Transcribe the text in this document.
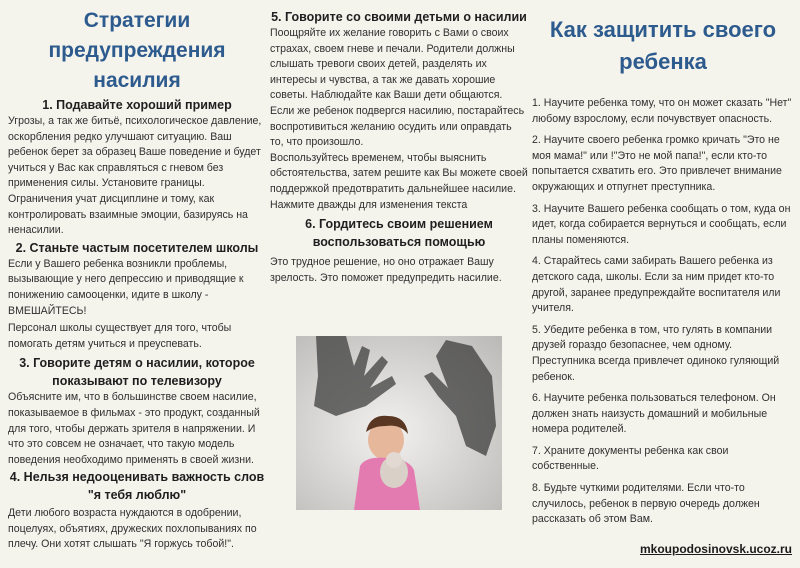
Стратегии предупреждения насилия
1. Подавайте хороший пример

Угрозы, а так же битьё, психологическое давление, оскорбления редко улучшают ситуацию. Ваш ребенок берет за образец Ваше поведение и будет учиться у Вас как справляться с гневом без применения силы. Установите границы. Ограничения учат дисциплине и тому, как контролировать взаимные эмоции, базируясь на ненасилии.

2. Станьте частым посетителем школы

Если у Вашего ребенка возникли проблемы, вызывающие у него депрессию и приводящие к понижению самооценки, идите в школу - ВМЕШАЙТЕСЬ!

Персонал школы существует для того, чтобы помогать детям учиться и преуспевать.

3. Говорите детям о насилии, которое показывают по телевизору

Объясните им, что в большинстве своем насилие, показываемое в фильмах - это продукт, созданный для того, чтобы держать зрителя в напряжении. И что это совсем не означает, что такую модель поведения необходимо применять в своей жизни.

4. Нельзя недооценивать важность слов "я тебя люблю"

Дети любого возраста нуждаются в одобрении, поцелуях, объятиях, дружеских похлопываниях по плечу. Они хотят слышать "Я горжусь тобой!".

5. Говорите со своими детьми о насилии

Поощряйте их желание говорить с Вами о своих страхах, своем гневе и печали. Родители должны слышать тревоги своих детей, разделять их интересы и чувства, а так же давать хорошие советы. Наблюдайте как Ваши дети общаются. Если же ребенок подвергся насилию, постарайтесь воспротивиться желанию осудить или оправдать то, что произошло.

Воспользуйтесь временем, чтобы выяснить обстоятельства, затем решите как Вы можете своей поддержкой предотвратить дальнейшее насилие.

Нажмите дважды для изменения текста

6. Гордитесь своим решением воспользоваться помощью

Это трудное решение, но оно отражает Вашу зрелость. Это поможет предупредить насилие.

Как защитить своего ребенка

1. Научите ребенка тому, что он может сказать "Нет" любому взрослому, если почувствует опасность.

2. Научите своего ребенка громко кричать "Это не моя мама!" или !"Это не мой папа!", если кто-то попытается схватить его. Это привлечет внимание окружающих и отпугнет преступника.

3. Научите Вашего ребенка сообщать о том, куда он идет, когда собирается вернуться и сообщать, если планы поменяются.

4. Старайтесь сами забирать Вашего ребенка из детского сада, школы. Если за ним придет кто-то другой, заранее предупреждайте воспитателя или учителя.

5. Убедите ребенка в том, что гулять в компании друзей гораздо безопаснее, чем одному. Преступника всегда привлечет одиноко гуляющий ребенок.

6. Научите ребенка пользоваться телефоном. Он должен знать наизусть домашний и мобильные номера родителей.

7. Храните документы ребенка как свои собственные.

8. Будьте чуткими родителями. Если что-то случилось, ребенок в первую очередь должен рассказать об этом Вам.

mkoupodosinovsk.ucoz.ru
